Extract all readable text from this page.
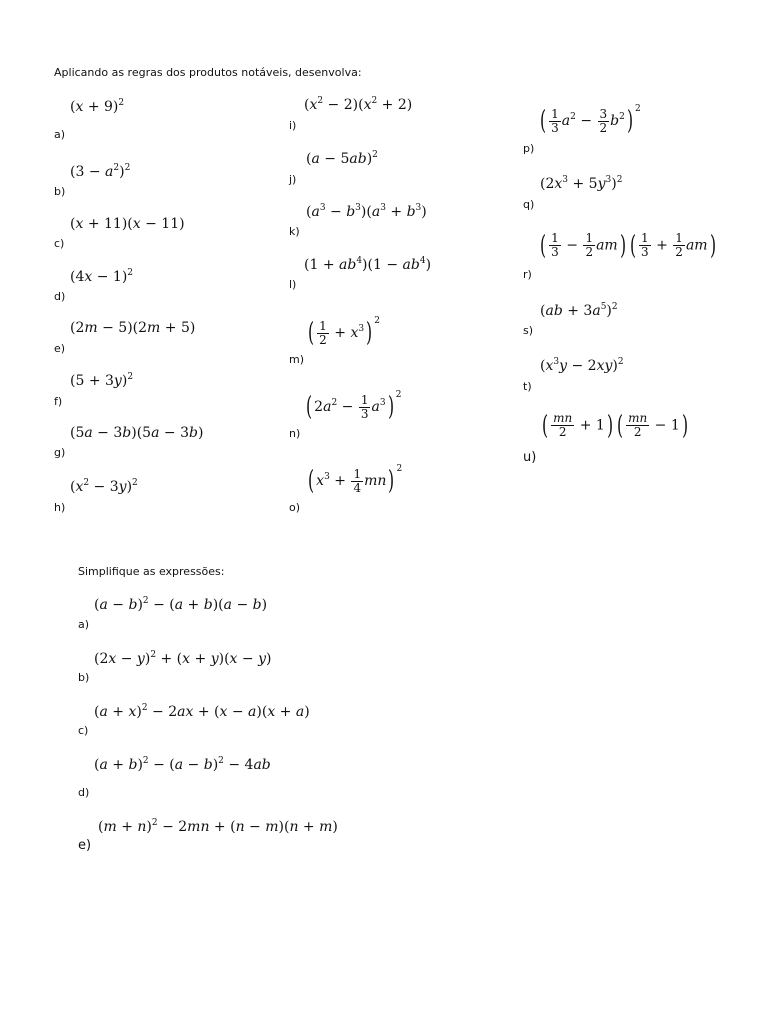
Aplicando as regras dos produtos notáveis, desenvolva:
$(x + 9)^2$
a)
$(3 - a^2)^2$
b)
(x + 11)(x − 11)
c)
$(4x - 1)^2$
d)
(2m − 5)(2m + 5)
e)
$(5 + 3y)^2$
f)
(5a − 3b)(5a − 3b)
g)
$(x^2 - 3y)^2$
h)
$(x^2 - 2)(x^2 + 2)$
i)
$(a - 5ab)^2$
j)
$(a^3 - b^3)(a^3 + b^3)$
k)
$(1 + ab^4)(1 - ab^4)$
l)
( $\frac{1}{2} + x^3$) $^2$
m)
( $2a^2 - \frac{1}{3} a^3$) $^2$
n)
( $x^3 + \frac{1}{4} mn$) $^2$
o)
( $\frac{1}{3} a^2 - \frac{3}{2} b^2$) $^2$
p)
$(2x^3 + 5y^3)^2$
q)
( $\frac{1}{3} - \frac{1}{2} am$) ( $\frac{1}{3} + \frac{1}{2} am$)
r)
$(ab + 3a^5)^2$
s)
$(x^3y - 2xy)^2$
t)
( $\frac{mn}{2} + 1$) ( $\frac{mn}{2} - 1$)
u)
Simplifique as expressões:
$(a - b)^2 - (a + b)(a - b)$
a)
$(2x - y)^2 + (x + y)(x - y)$
b)
$(a + x)^2 - 2ax + (x - a)(x + a)$
c)
$(a + b)^2 - (a - b)^2 - 4ab$
d)
$(m + n)^2 - 2mn + (n - m)(n + m)$
e)
